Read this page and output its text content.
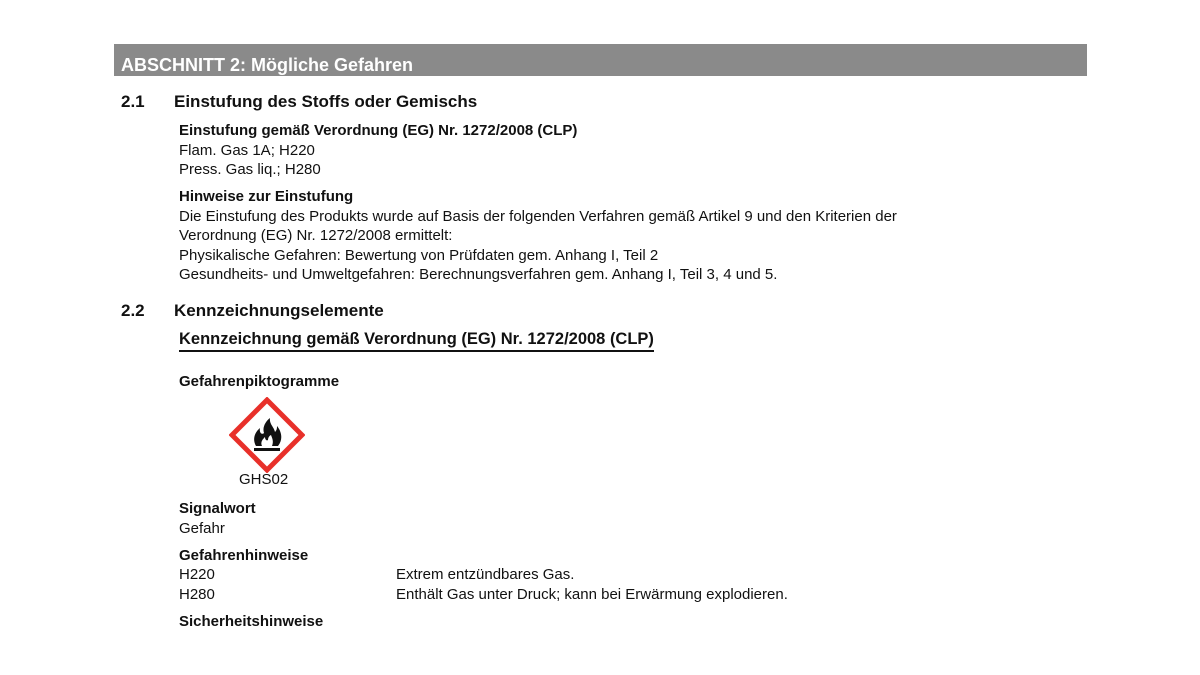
ABSCHNITT 2: Mögliche Gefahren
2.1 Einstufung des Stoffs oder Gemischs
Einstufung gemäß Verordnung (EG) Nr. 1272/2008 (CLP)
Flam. Gas 1A; H220
Press. Gas liq.; H280
Hinweise zur Einstufung
Die Einstufung des Produkts wurde auf Basis der folgenden Verfahren gemäß Artikel 9 und den Kriterien der
Verordnung (EG) Nr. 1272/2008 ermittelt:
Physikalische Gefahren: Bewertung von Prüfdaten gem. Anhang I, Teil 2
Gesundheits- und Umweltgefahren: Berechnungsverfahren gem. Anhang I, Teil 3, 4 und 5.
2.2 Kennzeichnungselemente
Kennzeichnung gemäß Verordnung (EG) Nr. 1272/2008 (CLP)
Gefahrenpiktogramme
GHS02
Signalwort
Gefahr
Gefahrenhinweise
H220	Extrem entzündbares Gas.
H280	Enthält Gas unter Druck; kann bei Erwärmung explodieren.
Sicherheitshinweise
